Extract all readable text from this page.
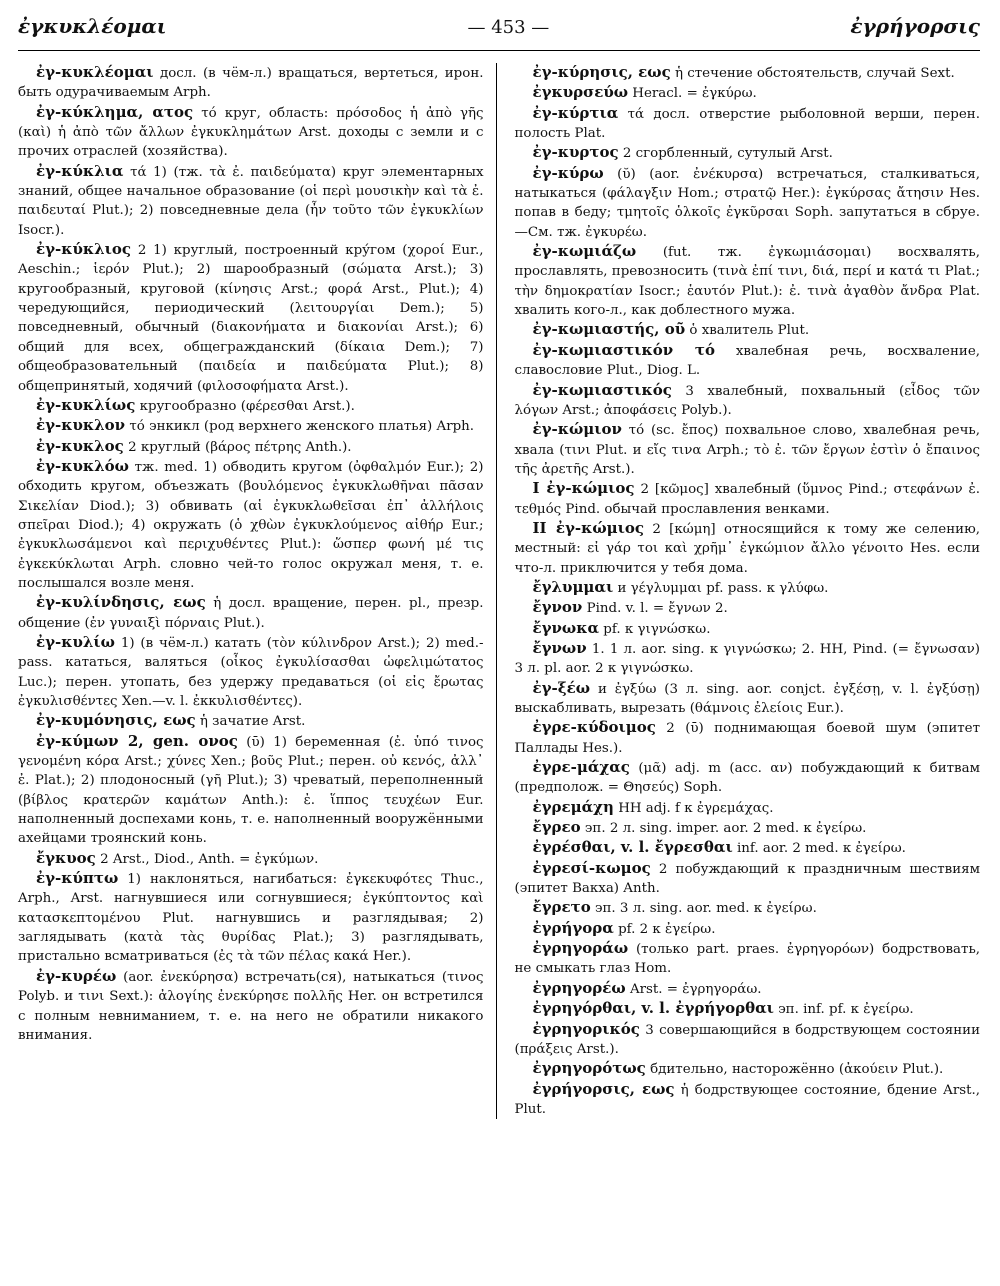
ἐγκυκλέομαι	— 453 —	ἐγρήγορσις

ἐγ-κυκλέομαι досл. (в чём-л.) вращаться, вертеться, ирон. быть одурачиваемым Arph.

ἐγ-κύκλημα, ατος τό круг, область: πρόσοδος ἡ ἀπὸ γῆς (καὶ) ἡ ἀπὸ τῶν ἄλλων ἐγκυκλημάτων Arst. доходы с земли и с прочих отраслей (хозяйства).

ἐγ-κύκλια τά 1) (тж. τὰ ἐ. παιδεύματα) круг элементарных знаний, общее начальное образование (οἱ περὶ μουσικὴν καὶ τὰ ἐ. παιδευταί Plut.); 2) повседневные дела (ἦν τοῦτο τῶν ἐγκυκλίων Isocr.).

ἐγ-κύκλιος 2 1) круглый, построенный кру́гом (χοροί Eur., Aeschin.; ἱερόν Plut.); 2) шарообразный (σώματα Arst.); 3) кругообразный, круговой (κίνησις Arst.; φορά Arst., Plut.); 4) чередующийся, периодический (λειτουργίαι Dem.); 5) повседневный, обычный (διακονήματα и διακονίαι Arst.); 6) общий для всех, общегражданский (δίκαια Dem.); 7) общеобразовательный (παιδεία и παιδεύματα Plut.); 8) общепринятый, ходячий (φιλοσοφήματα Arst.).

ἐγ-κυκλίως кругообразно (φέρεσθαι Arst.).

ἐγ-κυκλον τό энкикл (род верхнего женского платья) Arph.

ἐγ-κυκλος 2 круглый (βάρος πέτρης Anth.).

ἐγ-κυκλόω тж. med. 1) обводить кругом (ὀφθαλμόν Eur.); 2) обходить кругом, объезжать (βουλόμενος ἐγκυκλωθῆναι πᾶσαν Σικελίαν Diod.); 3) обвивать (αἱ ἐγκυκλωθεῖσαι ἐπ᾽ ἀλλήλοις σπεῖραι Diod.); 4) окружать (ὁ χθὼν ἐγκυκλούμενος αἰθήρ Eur.; ἐγκυκλωσάμενοι καὶ περιχυθέντες Plut.): ὥσπερ φωνή μέ τις ἐγκεκύκλωται Arph. словно чей-то голос окружал меня, т. е. послышался возле меня.

ἐγ-κυλίνδησις, εως ἡ досл. вращение, перен. pl., презр. общение (ἐν γυναιξὶ πόρναις Plut.).

ἐγ-κυλίω 1) (в чём-л.) катать (τὸν κύλινδρον Arst.); 2) med.-pass. кататься, валяться (οἶκος ἐγκυλίσασθαι ὠφελιμώτατος Luc.); перен. утопать, без удержу предаваться (οἱ εἰς ἔρωτας ἐγκυλισθέντες Xen.—v. l. ἐκκυλισθέντες).

ἐγ-κυμόνησις, εως ἡ зачатие Arst.

ἐγ-κύμων 2, gen. ονος (ῡ) 1) беременная (ἐ. ὑπό τινος γενομένη κόρα Arst.; χύνες Xen.; βοῦς Plut.; перен. οὐ κενός, ἀλλ᾽ ἐ. Plat.); 2) плодоносный (γῆ Plut.); 3) чреватый, переполненный (βίβλος κρατερῶν καμάτων Anth.): ἐ. ἵππος τευχέων Eur. наполненный доспехами конь, т. е. наполненный вооружёнными ахейцами троянский конь.

ἔγκυος 2 Arst., Diod., Anth. = ἐγκύμων.

ἐγ-κύπτω 1) наклоняться, нагибаться: ἐγκεκυφότες Thuc., Arph., Arst. нагнувшиеся или согнувшиеся; ἐγκύπτοντος καὶ κατασκεπτομένου Plut. нагнувшись и разглядывая; 2) заглядывать (κατὰ τὰς θυρίδας Plat.); 3) разглядывать, пристально всматриваться (ἐς τὰ τῶν πέλας κακά Her.).

ἐγ-κυρέω (aor. ἐνεκύρησα) встречать(ся), натыкаться (τινος Polyb. и τινι Sext.): ἀλογίης ἐνεκύρησε πολλῆς Her. он встретился с полным невниманием, т. е. на него не обратили никакого внимания.

ἐγ-κύρησις, εως ἡ стечение обстоятельств, случай Sext.

ἐγκυρσεύω Heracl. = ἐγκύρω.

ἐγ-κύρτια τά досл. отверстие рыболовной верши, перен. полость Plat.

ἐγ-κυρτος 2 сгорбленный, сутулый Arst.

ἐγ-κύρω (ῠ) (aor. ἐνέκυρσα) встречаться, сталкиваться, натыкаться (φάλαγξιν Hom.; στρατῷ Her.): ἐγκύρσας ἄτησιν Hes. попав в беду; τμητοῖς ὁλκοῖς ἐγκῦρσαι Soph. запутаться в сбруе.—См. тж. ἐγκυρέω.

ἐγ-κωμιάζω (fut. тж. ἐγκωμιάσομαι) восхвалять, прославлять, превозносить (τινὰ ἐπί τινι, διά, περί и κατά τι Plat.; τὴν δημοκρατίαν Isocr.; ἑαυτόν Plut.): ἐ. τινὰ ἀγαθὸν ἄνδρα Plat. хвалить кого-л., как доблестного мужа.

ἐγ-κωμιαστής, οῦ ὁ хвалитель Plut.

ἐγ-κωμιαστικόν τό хвалебная речь, восхваление, славословие Plut., Diog. L.

ἐγ-κωμιαστικός 3 хвалебный, похвальный (εἶδος τῶν λόγων Arst.; ἀποφάσεις Polyb.).

ἐγ-κώμιον τό (sc. ἔπος) похвальное слово, хвалебная речь, хвала (τινι Plut. и εἴς τινα Arph.; τὸ ἐ. τῶν ἔργων ἐστὶν ὁ ἔπαινος τῆς ἀρετῆς Arst.).

I ἐγ-κώμιος 2 [κῶμος] хвалебный (ὕμνος Pind.; στεφάνων ἐ. τεθμός Pind. обычай прославления венками.

II ἐγ-κώμιος 2 [κώμη] относящийся к тому же селению, местный: εἰ γάρ τοι καὶ χρῆμ᾽ ἐγκώμιον ἄλλο γένοιτο Hes. если что-л. приключится у тебя дома.

ἔγλυμμαι и γέγλυμμαι pf. pass. к γλύφω.

ἔγνον Pind. v. l. = ἔγνων 2.

ἔγνωκα pf. к γιγνώσκω.

ἔγνων 1. 1 л. aor. sing. к γιγνώσκω; 2. HH, Pind. (= ἔγνωσαν) 3 л. pl. aor. 2 к γιγνώσκω.

ἐγ-ξέω и ἐγξύω (3 л. sing. aor. conjct. ἐγξέσῃ, v. l. ἐγξύσῃ) выскабливать, вырезать (θάμνοις ἐλείοις Eur.).

ἐγρε-κύδοιμος 2 (ῡ) поднимающая боевой шум (эпитет Паллады Hes.).

ἐγρε-μάχας (μᾶ) adj. m (acc. αν) побуждающий к битвам (предполож. = Θησεύς) Soph.

ἐγρεμάχη HH adj. f к ἐγρεμάχας.

ἔγρεο эп. 2 л. sing. imper. aor. 2 med. к ἐγείρω.

ἐγρέσθαι, v. l. ἔγρεσθαι inf. aor. 2 med. к ἐγείρω.

ἐγρεσί-κωμος 2 побуждающий к праздничным шествиям (эпитет Вакха) Anth.

ἔγρετο эп. 3 л. sing. aor. med. к ἐγείρω.

ἐγρήγορα pf. 2 к ἐγείρω.

ἐγρηγοράω (только part. praes. ἐγρηγορόων) бодрствовать, не смыкать глаз Hom.

ἐγρηγορέω Arst. = ἐγρηγοράω.

ἐγρηγόρθαι, v. l. ἐγρήγορθαι эп. inf. pf. к ἐγείρω.

ἐγρηγορικός 3 совершающийся в бодрствующем состоянии (πράξεις Arst.).

ἐγρηγορότως бдительно, насторожённо (ἀκούειν Plut.).

ἐγρήγορσις, εως ἡ бодрствующее состояние, бдение Arst., Plut.
